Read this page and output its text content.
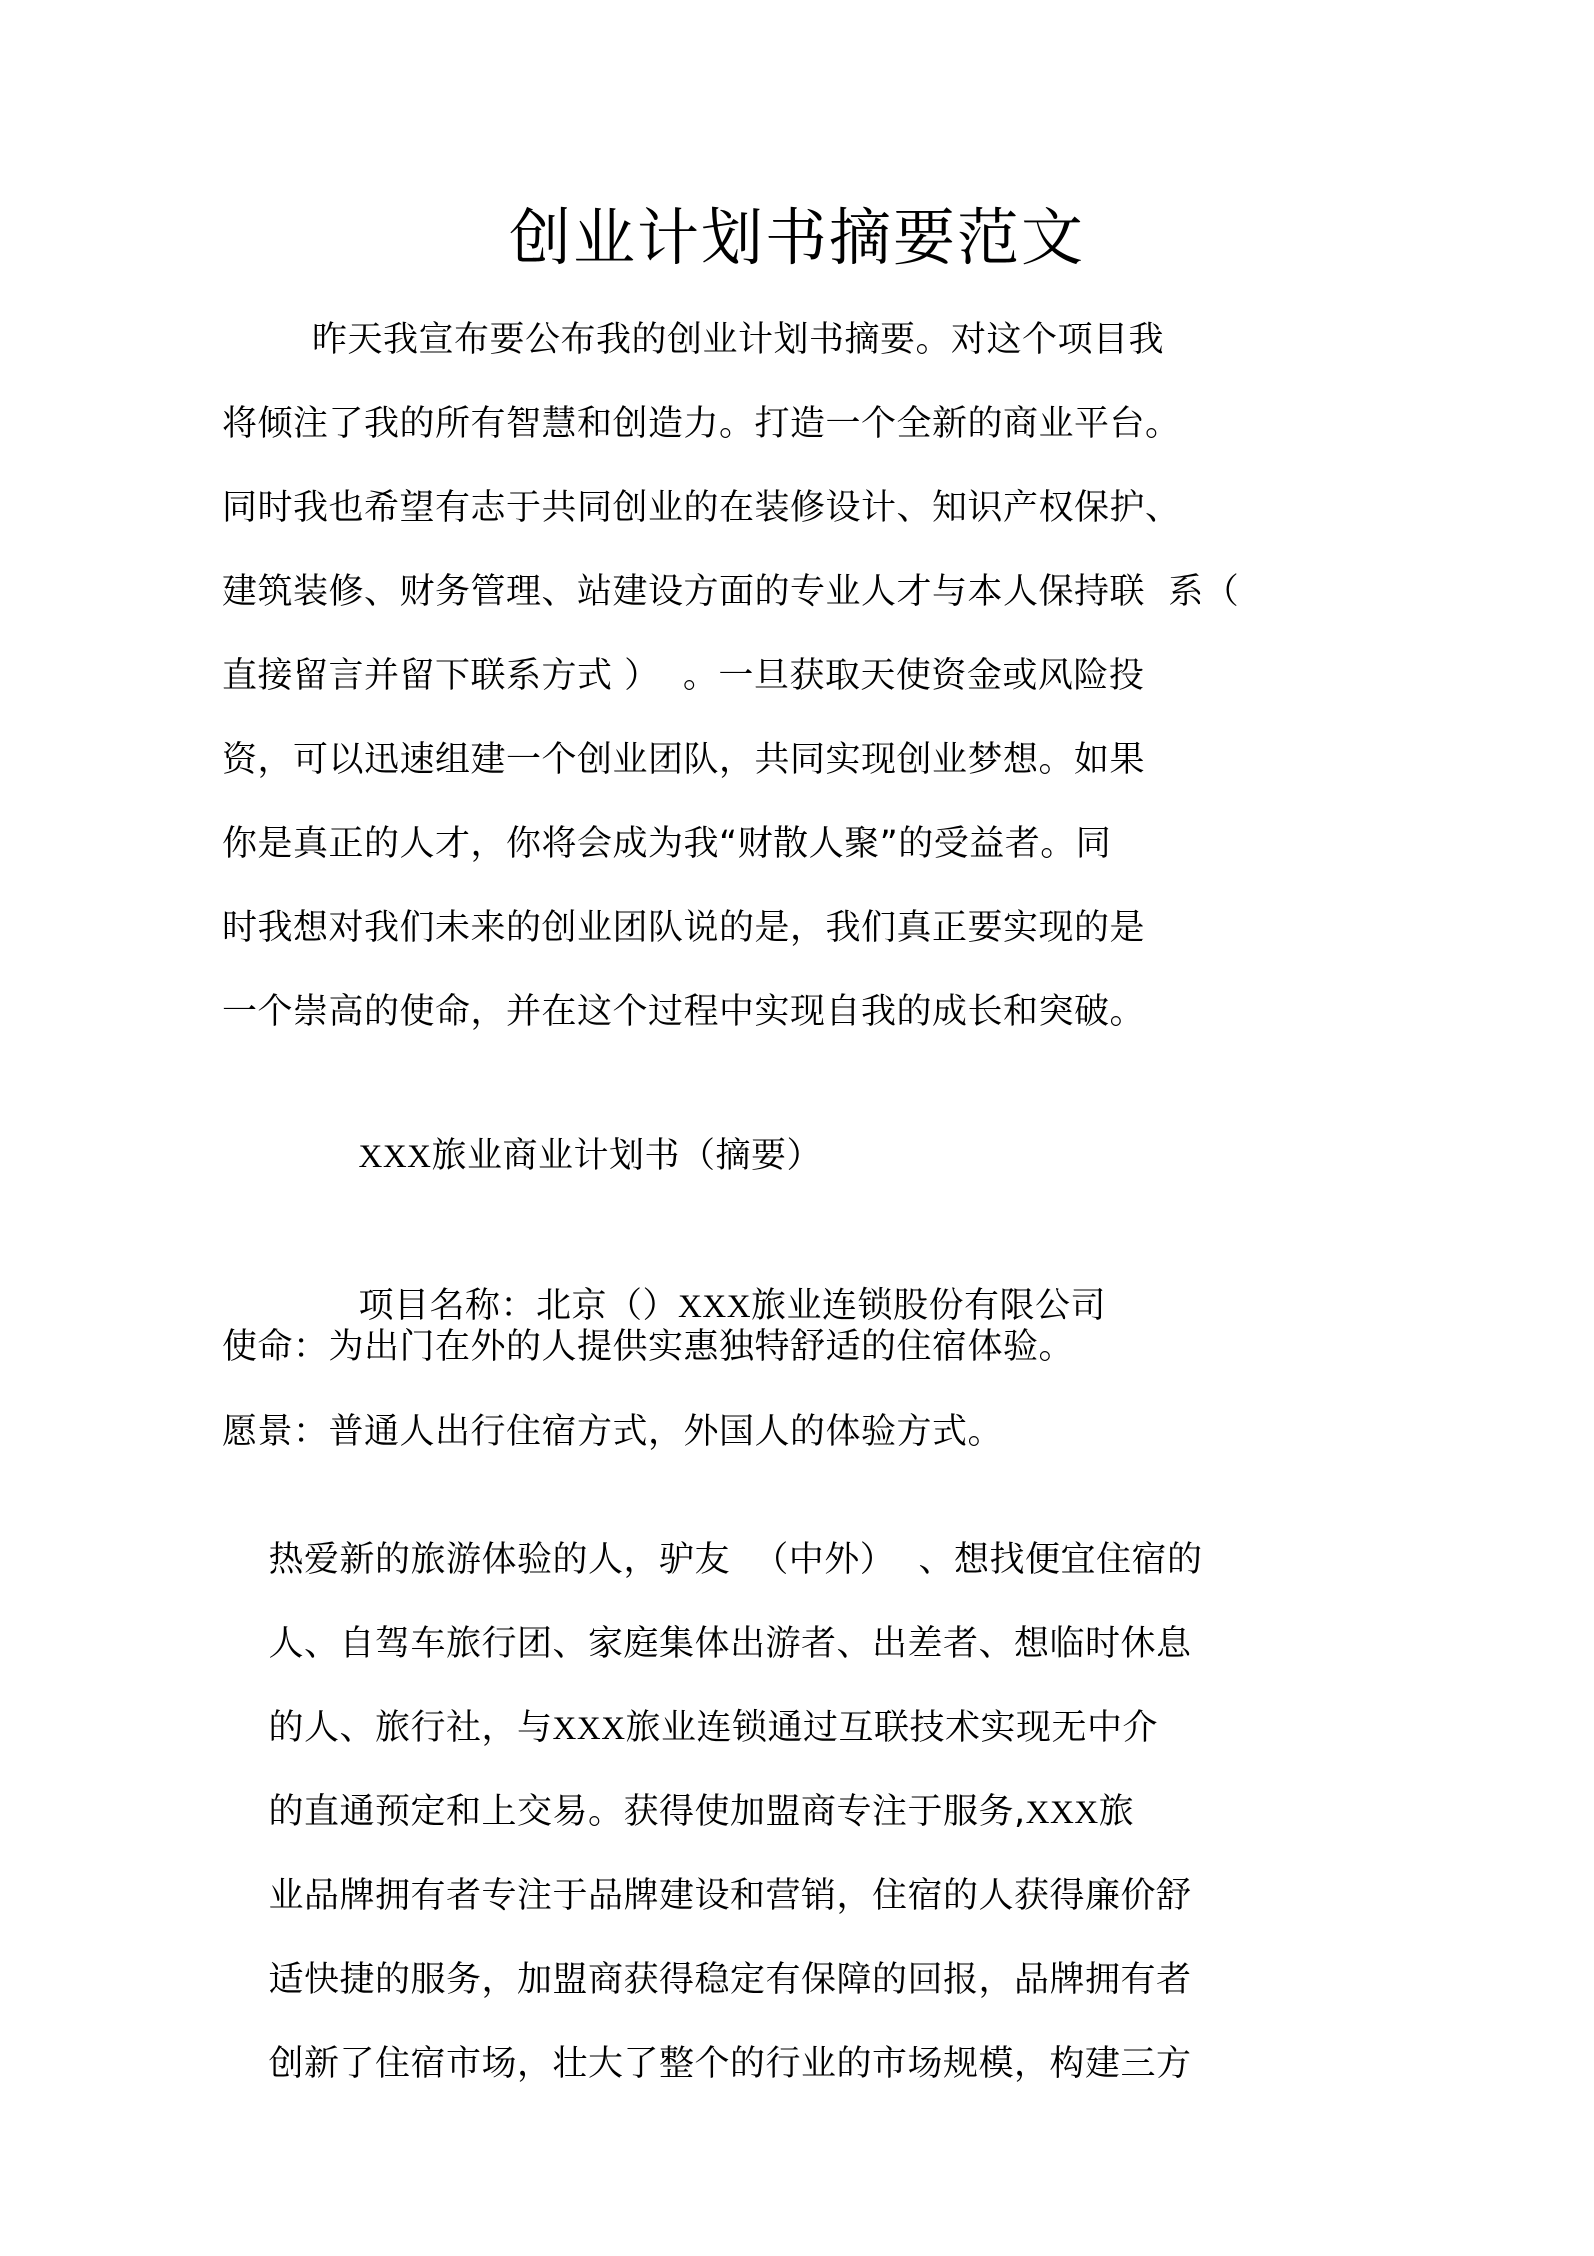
创业计划书摘要范文
昨天我宣布要公布我的创业计划书摘要。对这个项目我
将倾注了我的所有智慧和创造力。打造一个全新的商业平台。
同时我也希望有志于共同创业的在装修设计、知识产权保护、
建筑装修、财务管理、站建设方面的专业人才与本人保持联  系（
直接留言并留下联系方式 ）  。一旦获取天使资金或风险投
资，可以迅速组建一个创业团队，共同实现创业梦想。如果
你是真正的人才，你将会成为我“财散人聚”的受益者。同
时我想对我们未来的创业团队说的是，我们真正要实现的是
一个崇高的使命，并在这个过程中实现自我的成长和突破。

XXX旅业商业计划书（摘要）

项目名称：北京（）XXX旅业连锁股份有限公司

使命：为出门在外的人提供实惠独特舒适的住宿体验。
愿景：普通人出行住宿方式，外国人的体验方式。

热爱新的旅游体验的人，驴友  （中外）  、想找便宜住宿的

人、自驾车旅行团、家庭集体出游者、出差者、想临时休息

的人、旅行社，与XXX旅业连锁通过互联技术实现无中介

的直通预定和上交易。获得使加盟商专注于服务,XXX旅

业品牌拥有者专注于品牌建设和营销，住宿的人获得廉价舒

适快捷的服务，加盟商获得稳定有保障的回报，品牌拥有者

创新了住宿市场，壮大了整个的行业的市场规模，构建三方
